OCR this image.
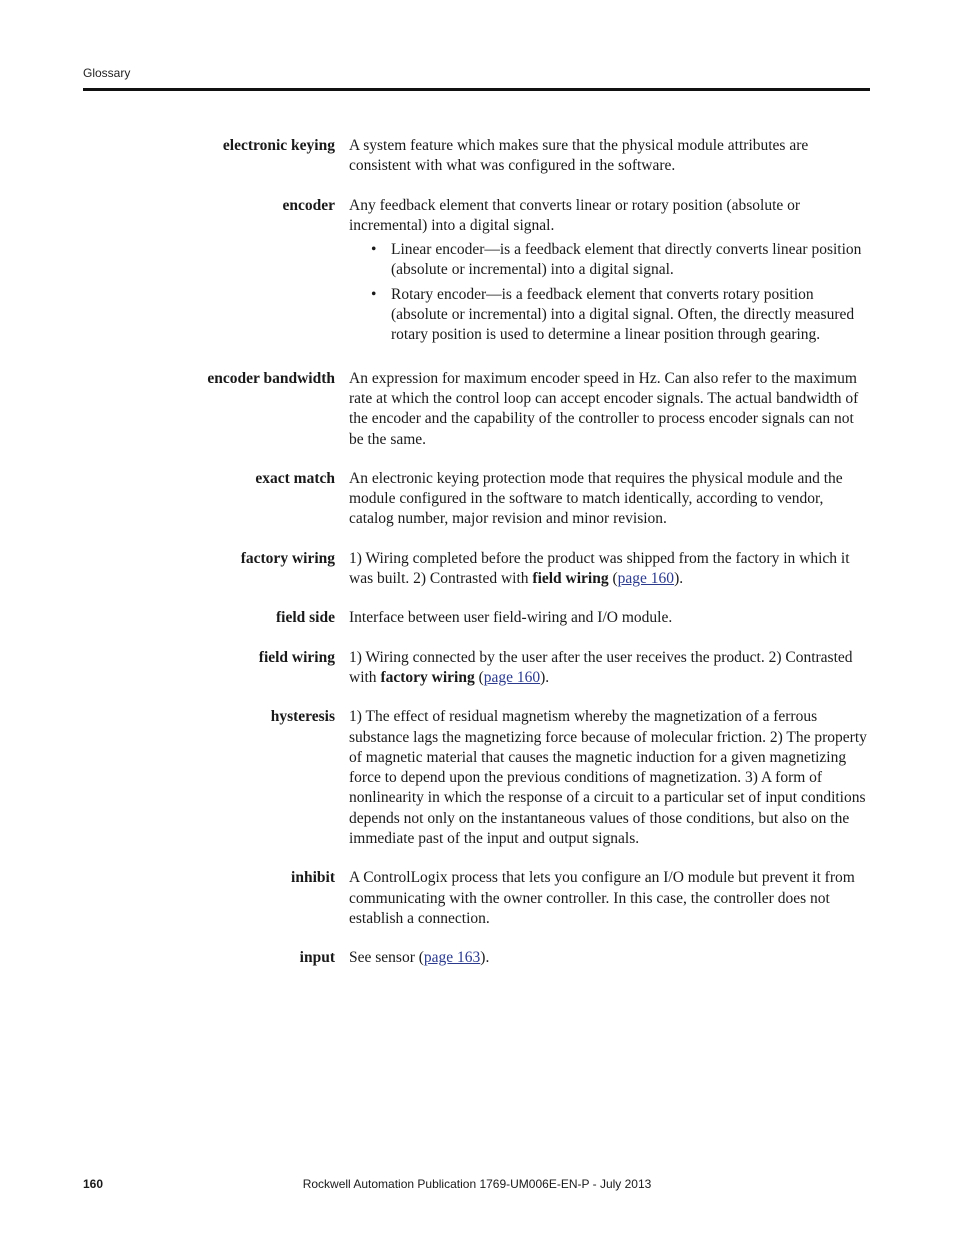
Glossary
electronic keying A system feature which makes sure that the physical module attributes are consistent with what was configured in the software.

encoder Any feedback element that converts linear or rotary position (absolute or incremental) into a digital signal.

• Linear encoder—is a feedback element that directly converts linear position (absolute or incremental) into a digital signal.
• Rotary encoder—is a feedback element that converts rotary position (absolute or incremental) into a digital signal. Often, the directly measured rotary position is used to determine a linear position through gearing.
encoder bandwidth An expression for maximum encoder speed in Hz. Can also refer to the maximum rate at which the control loop can accept encoder signals. The actual bandwidth of the encoder and the capability of the controller to process encoder signals can not be the same.

exact match An electronic keying protection mode that requires the physical module and the module configured in the software to match identically, according to vendor, catalog number, major revision and minor revision.

factory wiring 1) Wiring completed before the product was shipped from the factory in which it was built. 2) Contrasted with field wiring (page 160).

field side Interface between user field-wiring and I/O module.

field wiring 1) Wiring connected by the user after the user receives the product. 2) Contrasted with factory wiring (page 160).

hysteresis 1) The effect of residual magnetism whereby the magnetization of a ferrous substance lags the magnetizing force because of molecular friction. 2) The property of magnetic material that causes the magnetic induction for a given magnetizing force to depend upon the previous conditions of magnetization. 3) A form of nonlinearity in which the response of a circuit to a particular set of input conditions depends not only on the instantaneous values of those conditions, but also on the immediate past of the input and output signals.

inhibit A ControlLogix process that lets you configure an I/O module but prevent it from communicating with the owner controller. In this case, the controller does not establish a connection.

input See sensor (page 163).

160	Rockwell Automation Publication 1769-UM006E-EN-P - July 2013
